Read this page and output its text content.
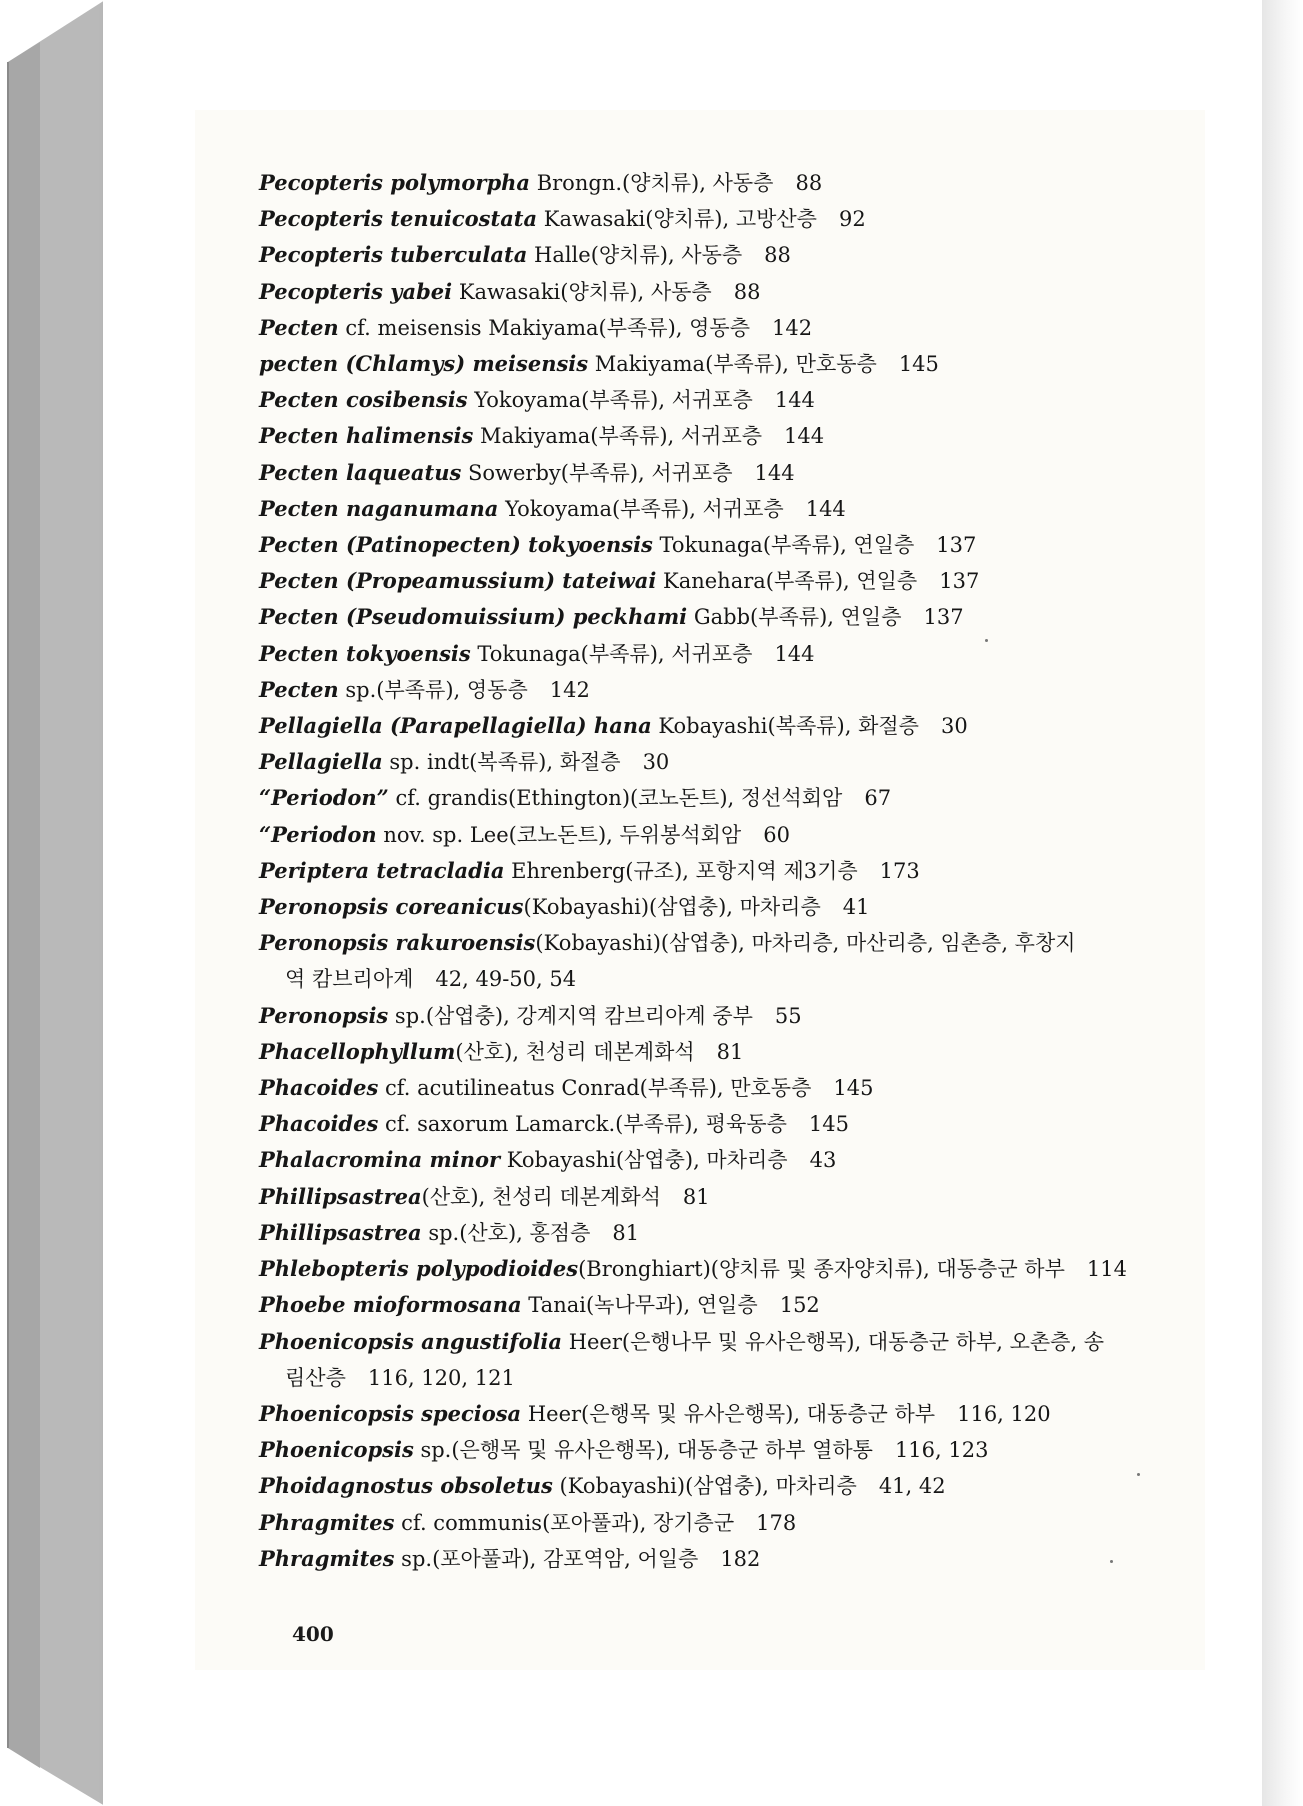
Pecopteris polymorpha Brongn.(양치류), 사동층 88
Pecopteris tenuicostata Kawasaki(양치류), 고방산층 92
Pecopteris tuberculata Halle(양치류), 사동층 88
Pecopteris yabei Kawasaki(양치류), 사동층 88
Pecten cf. meisensis Makiyama(부족류), 영동층 142
pecten (Chlamys) meisensis Makiyama(부족류), 만호동층 145
Pecten cosibensis Yokoyama(부족류), 서귀포층 144
Pecten halimensis Makiyama(부족류), 서귀포층 144
Pecten laqueatus Sowerby(부족류), 서귀포층 144
Pecten naganumana Yokoyama(부족류), 서귀포층 144
Pecten (Patinopecten) tokyoensis Tokunaga(부족류), 연일층 137
Pecten (Propeamussium) tateiwai Kanehara(부족류), 연일층 137
Pecten (Pseudomuissium) peckhami Gabb(부족류), 연일층 137
Pecten tokyoensis Tokunaga(부족류), 서귀포층 144
Pecten sp.(부족류), 영동층 142
Pellagiella (Parapellagiella) hana Kobayashi(복족류), 화절층 30
Pellagiella sp. indt(복족류), 화절층 30
“Periodon” cf. grandis(Ethington)(코노돈트), 정선석회암 67
“Periodon nov. sp. Lee(코노돈트), 두위봉석회암 60
Periptera tetracladia Ehrenberg(규조), 포항지역 제3기층 173
Peronopsis coreanicus(Kobayashi)(삼엽충), 마차리층 41
Peronopsis rakuroensis(Kobayashi)(삼엽충), 마차리층, 마산리층, 임촌층, 후창지
역 캄브리아계 42, 49-50, 54
Peronopsis sp.(삼엽충), 강계지역 캄브리아계 중부 55
Phacellophyllum(산호), 천성리 데본계화석 81
Phacoides cf. acutilineatus Conrad(부족류), 만호동층 145
Phacoides cf. saxorum Lamarck.(부족류), 평육동층 145
Phalacromina minor Kobayashi(삼엽충), 마차리층 43
Phillipsastrea(산호), 천성리 데본계화석 81
Phillipsastrea sp.(산호), 홍점층 81
Phlebopteris polypodioides(Bronghiart)(양치류 및 종자양치류), 대동층군 하부 114
Phoebe mioformosana Tanai(녹나무과), 연일층 152
Phoenicopsis angustifolia Heer(은행나무 및 유사은행목), 대동층군 하부, 오촌층, 송
림산층 116, 120, 121
Phoenicopsis speciosa Heer(은행목 및 유사은행목), 대동층군 하부 116, 120
Phoenicopsis sp.(은행목 및 유사은행목), 대동층군 하부 열하통 116, 123
Phoidagnostus obsoletus (Kobayashi)(삼엽충), 마차리층 41, 42
Phragmites cf. communis(포아풀과), 장기층군 178
Phragmites sp.(포아풀과), 감포역암, 어일층 182
400
